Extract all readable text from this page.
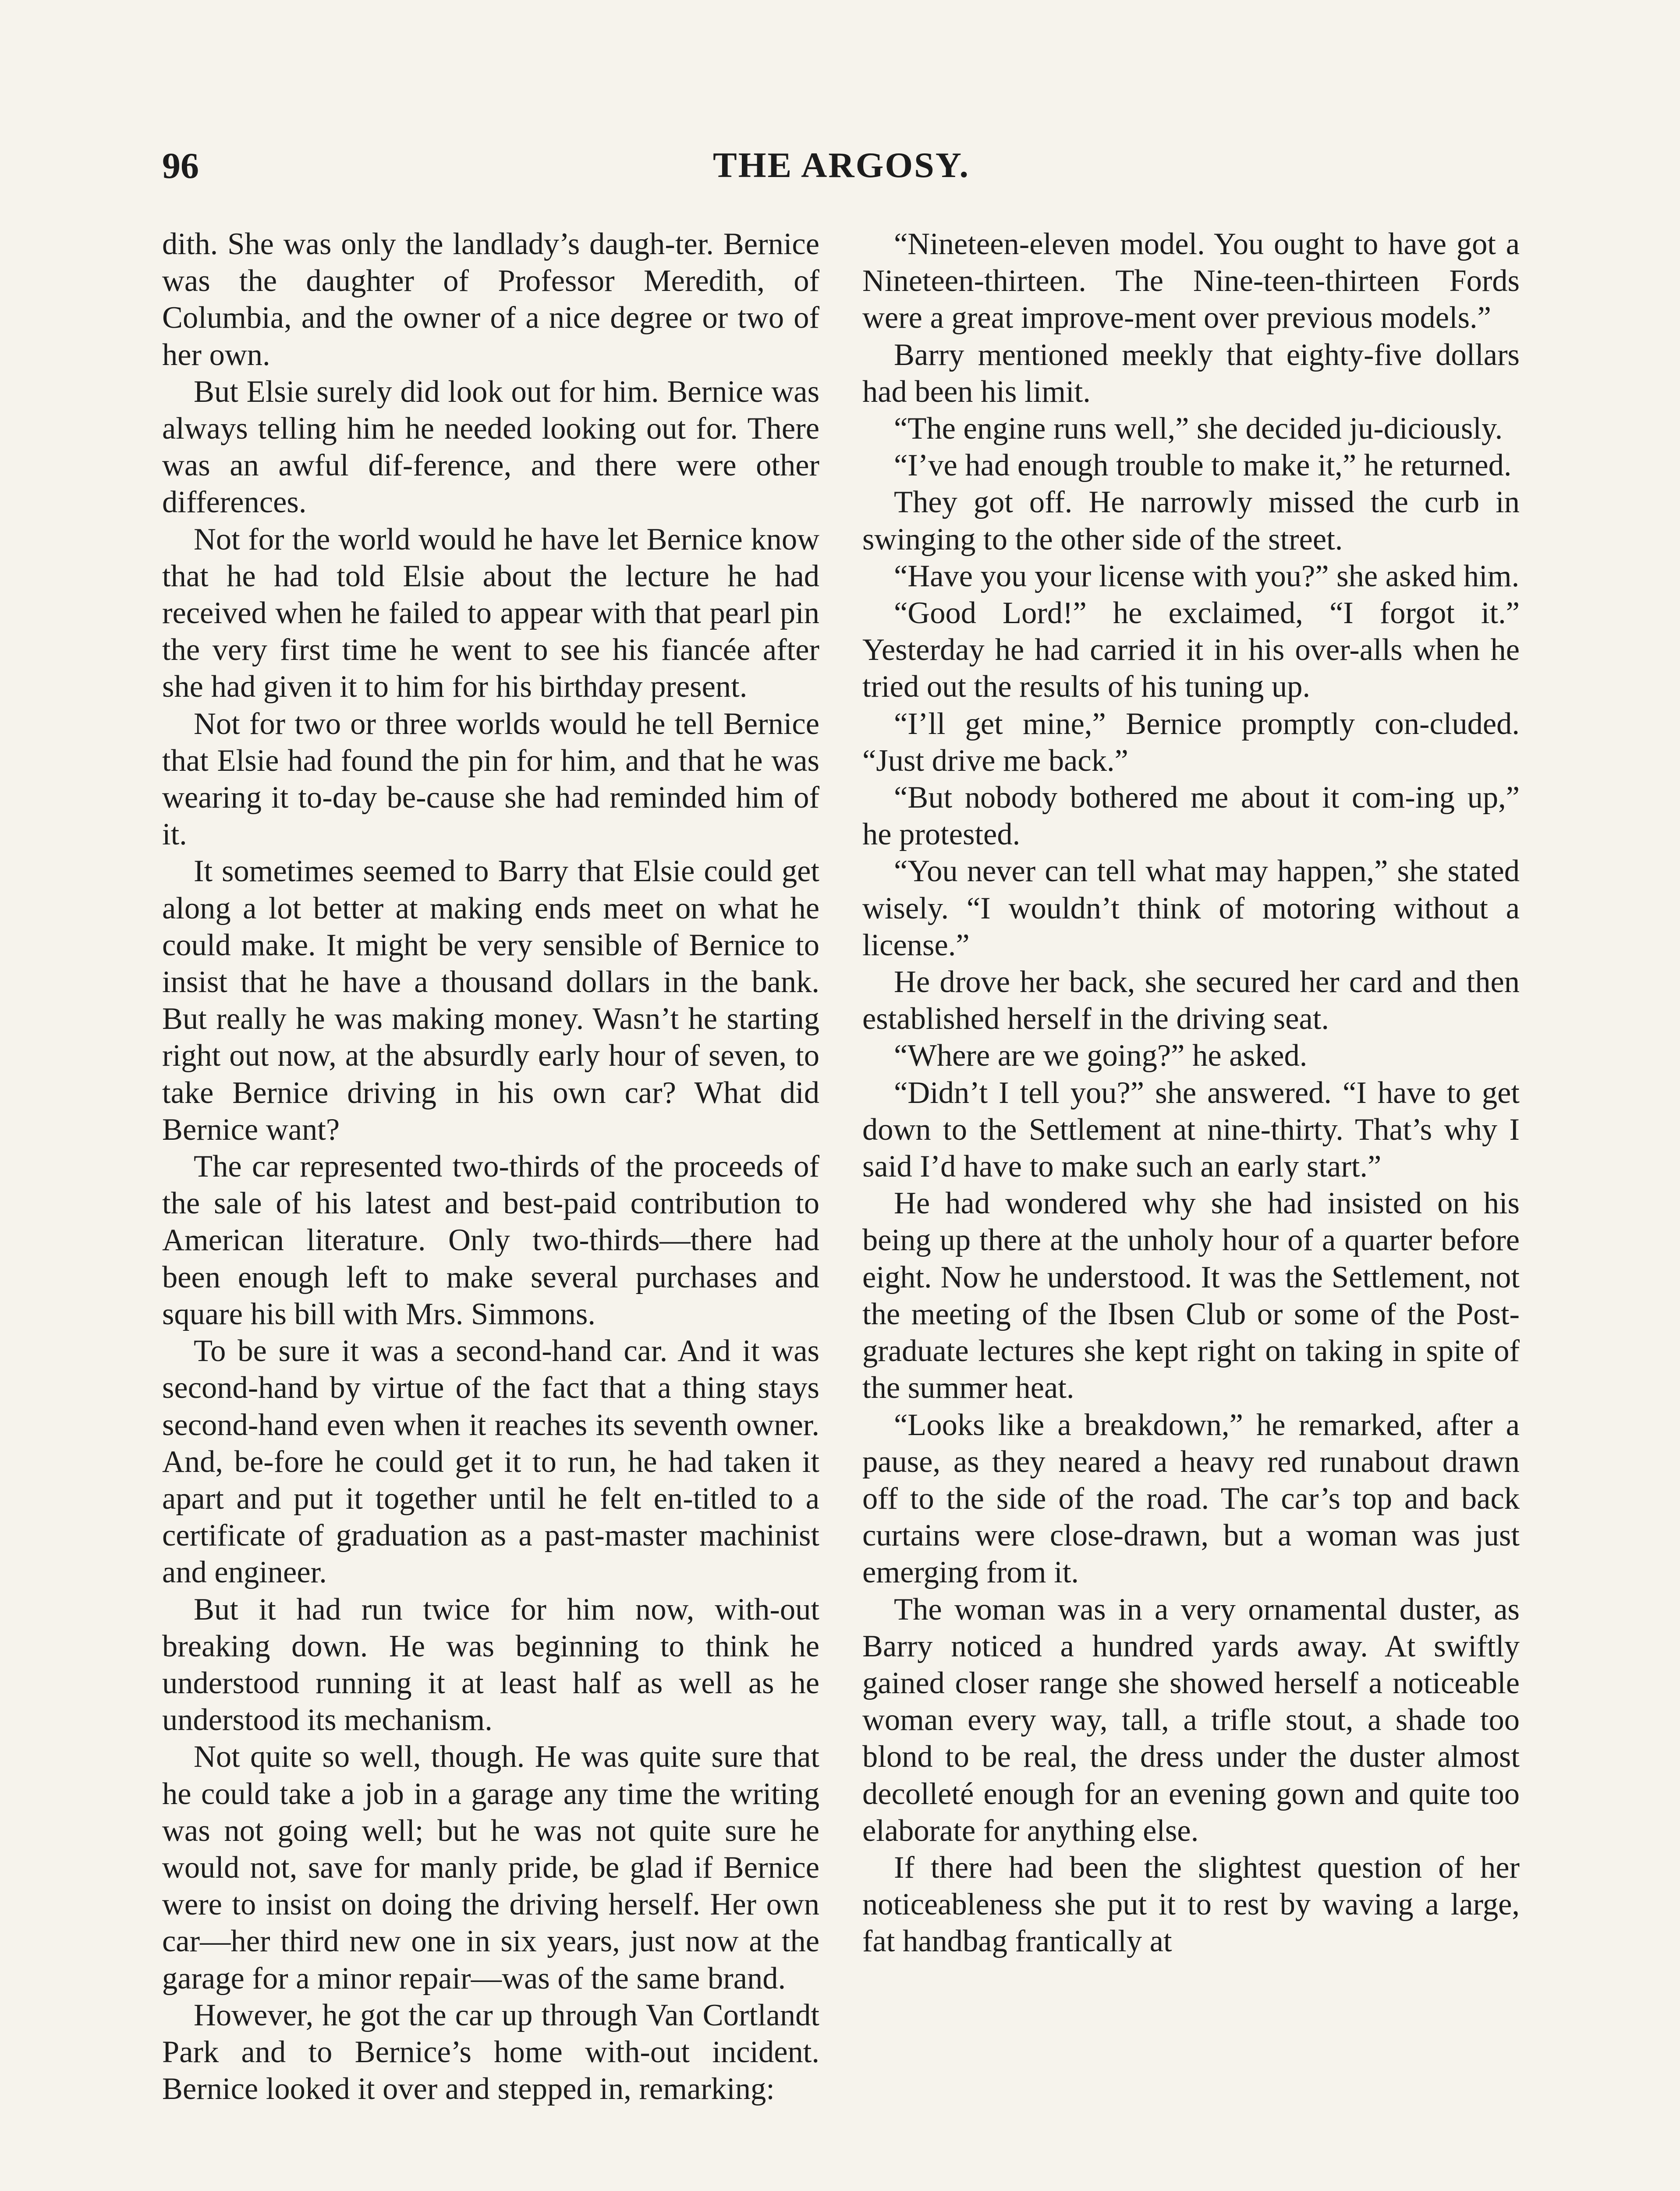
96	THE ARGOSY.

dith. She was only the landlady’s daugh-ter. Bernice was the daughter of Professor Meredith, of Columbia, and the owner of a nice degree or two of her own.

But Elsie surely did look out for him. Bernice was always telling him he needed looking out for. There was an awful dif-ference, and there were other differences.

Not for the world would he have let Bernice know that he had told Elsie about the lecture he had received when he failed to appear with that pearl pin the very first time he went to see his fiancée after she had given it to him for his birthday present.

Not for two or three worlds would he tell Bernice that Elsie had found the pin for him, and that he was wearing it to-day be-cause she had reminded him of it.

It sometimes seemed to Barry that Elsie could get along a lot better at making ends meet on what he could make. It might be very sensible of Bernice to insist that he have a thousand dollars in the bank. But really he was making money. Wasn’t he starting right out now, at the absurdly early hour of seven, to take Bernice driving in his own car? What did Bernice want?

The car represented two-thirds of the proceeds of the sale of his latest and best-paid contribution to American literature. Only two-thirds—there had been enough left to make several purchases and square his bill with Mrs. Simmons.

To be sure it was a second-hand car. And it was second-hand by virtue of the fact that a thing stays second-hand even when it reaches its seventh owner. And, be-fore he could get it to run, he had taken it apart and put it together until he felt en-titled to a certificate of graduation as a past-master machinist and engineer.

But it had run twice for him now, with-out breaking down. He was beginning to think he understood running it at least half as well as he understood its mechanism.

Not quite so well, though. He was quite sure that he could take a job in a garage any time the writing was not going well; but he was not quite sure he would not, save for manly pride, be glad if Bernice were to insist on doing the driving herself. Her own car—her third new one in six years, just now at the garage for a minor repair—was of the same brand.

However, he got the car up through Van Cortlandt Park and to Bernice’s home with-out incident. Bernice looked it over and stepped in, remarking:

“Nineteen-eleven model. You ought to have got a Nineteen-thirteen. The Nine-teen-thirteen Fords were a great improve-ment over previous models.”

Barry mentioned meekly that eighty-five dollars had been his limit.

“The engine runs well,” she decided ju-diciously.

“I’ve had enough trouble to make it,” he returned.

They got off. He narrowly missed the curb in swinging to the other side of the street.

“Have you your license with you?” she asked him.

“Good Lord!” he exclaimed, “I forgot it.” Yesterday he had carried it in his over-alls when he tried out the results of his tuning up.

“I’ll get mine,” Bernice promptly con-cluded. “Just drive me back.”

“But nobody bothered me about it com-ing up,” he protested.

“You never can tell what may happen,” she stated wisely. “I wouldn’t think of motoring without a license.”

He drove her back, she secured her card and then established herself in the driving seat.

“Where are we going?” he asked.

“Didn’t I tell you?” she answered. “I have to get down to the Settlement at nine-thirty. That’s why I said I’d have to make such an early start.”

He had wondered why she had insisted on his being up there at the unholy hour of a quarter before eight. Now he understood. It was the Settlement, not the meeting of the Ibsen Club or some of the Post-graduate lectures she kept right on taking in spite of the summer heat.

“Looks like a breakdown,” he remarked, after a pause, as they neared a heavy red runabout drawn off to the side of the road. The car’s top and back curtains were close-drawn, but a woman was just emerging from it.

The woman was in a very ornamental duster, as Barry noticed a hundred yards away. At swiftly gained closer range she showed herself a noticeable woman every way, tall, a trifle stout, a shade too blond to be real, the dress under the duster almost decolleté enough for an evening gown and quite too elaborate for anything else.

If there had been the slightest question of her noticeableness she put it to rest by waving a large, fat handbag frantically at
